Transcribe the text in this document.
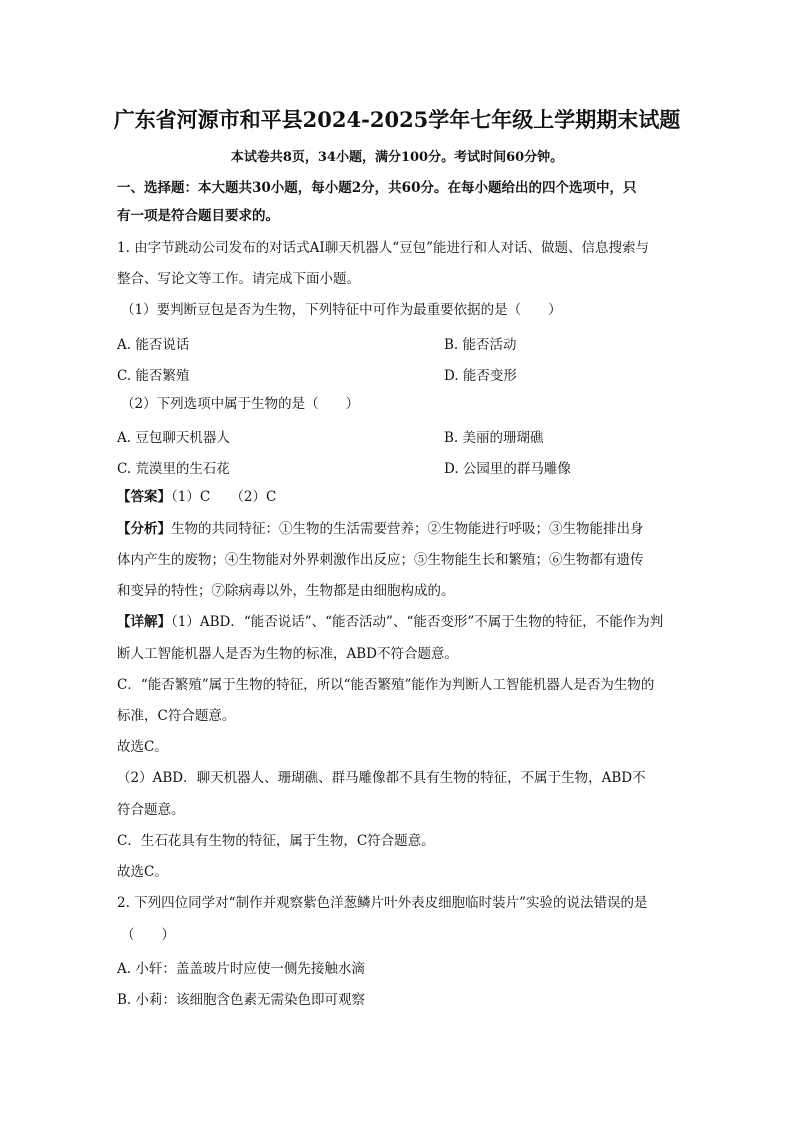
广东省河源市和平县2024-2025学年七年级上学期期末试题
本试卷共8页，34小题，满分100分。考试时间60分钟。
一、选择题：本大题共30小题，每小题2分，共60分。在每小题给出的四个选项中，只
有一项是符合题目要求的。
1. 由字节跳动公司发布的对话式AI聊天机器人“豆包”能进行和人对话、做题、信息搜索与
整合、写论文等工作。请完成下面小题。
（1）要判断豆包是否为生物，下列特征中可作为最重要依据的是（　　）
A. 能否说话	B. 能否活动
C. 能否繁殖	D. 能否变形
（2）下列选项中属于生物的是（　　）
A. 豆包聊天机器人	B. 美丽的珊瑚礁
C. 荒漠里的生石花	D. 公园里的群马雕像
【答案】（1）C　　（2）C
【分析】生物的共同特征：①生物的生活需要营养；②生物能进行呼吸；③生物能排出身
体内产生的废物；④生物能对外界刺激作出反应；⑤生物能生长和繁殖；⑥生物都有遗传
和变异的特性；⑦除病毒以外，生物都是由细胞构成的。
【详解】（1）ABD．“能否说话”、“能否活动”、“能否变形”不属于生物的特征，不能作为判
断人工智能机器人是否为生物的标准，ABD不符合题意。
C．“能否繁殖”属于生物的特征，所以“能否繁殖”能作为判断人工智能机器人是否为生物的
标准，C符合题意。
故选C。
（2）ABD．聊天机器人、珊瑚礁、群马雕像都不具有生物的特征，不属于生物，ABD不
符合题意。
C．生石花具有生物的特征，属于生物，C符合题意。
故选C。
2. 下列四位同学对“制作并观察紫色洋葱鳞片叶外表皮细胞临时装片”实验的说法错误的是
（　　）
A. 小轩：盖盖玻片时应使一侧先接触水滴
B. 小莉：该细胞含色素无需染色即可观察
